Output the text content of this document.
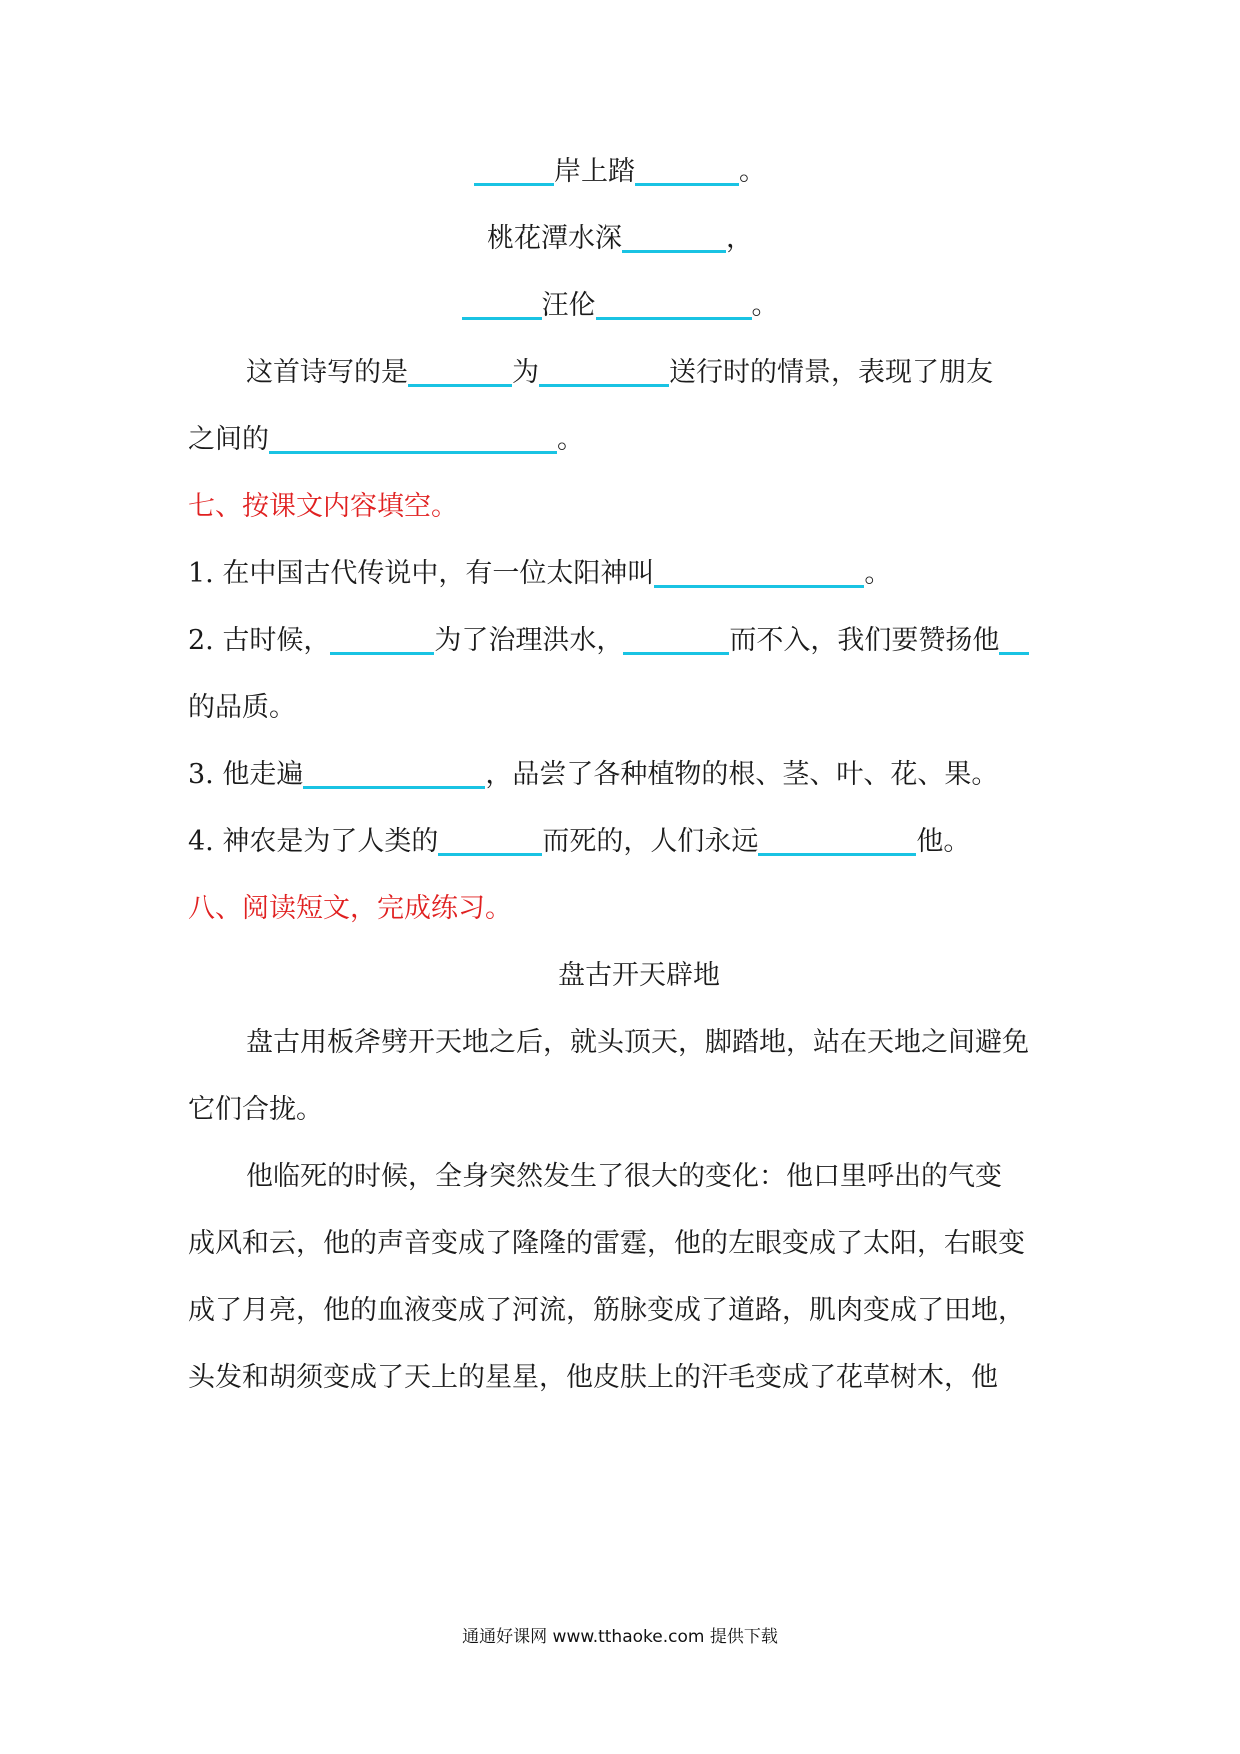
岸上踏	。
桃花潭水深	，
汪伦	。
这首诗写的是	为	送行时的情景，表现了朋友
之间的	。
七、按课文内容填空。
1. 在中国古代传说中，有一位太阳神叫	。
2. 古时候，	为了治理洪水，	而不入，我们要赞扬他
的品质。
3. 他走遍	，品尝了各种植物的根、茎、叶、花、果。
4. 神农是为了人类的	而死的，人们永远	他。
八、阅读短文，完成练习。
盘古开天辟地
盘古用板斧劈开天地之后，就头顶天，脚踏地，站在天地之间避免
它们合拢。
他临死的时候，全身突然发生了很大的变化：他口里呼出的气变
成风和云，他的声音变成了隆隆的雷霆，他的左眼变成了太阳，右眼变
成了月亮，他的血液变成了河流，筋脉变成了道路，肌肉变成了田地，
头发和胡须变成了天上的星星，他皮肤上的汗毛变成了花草树木，他
通通好课网 www.tthaoke.com 提供下载
